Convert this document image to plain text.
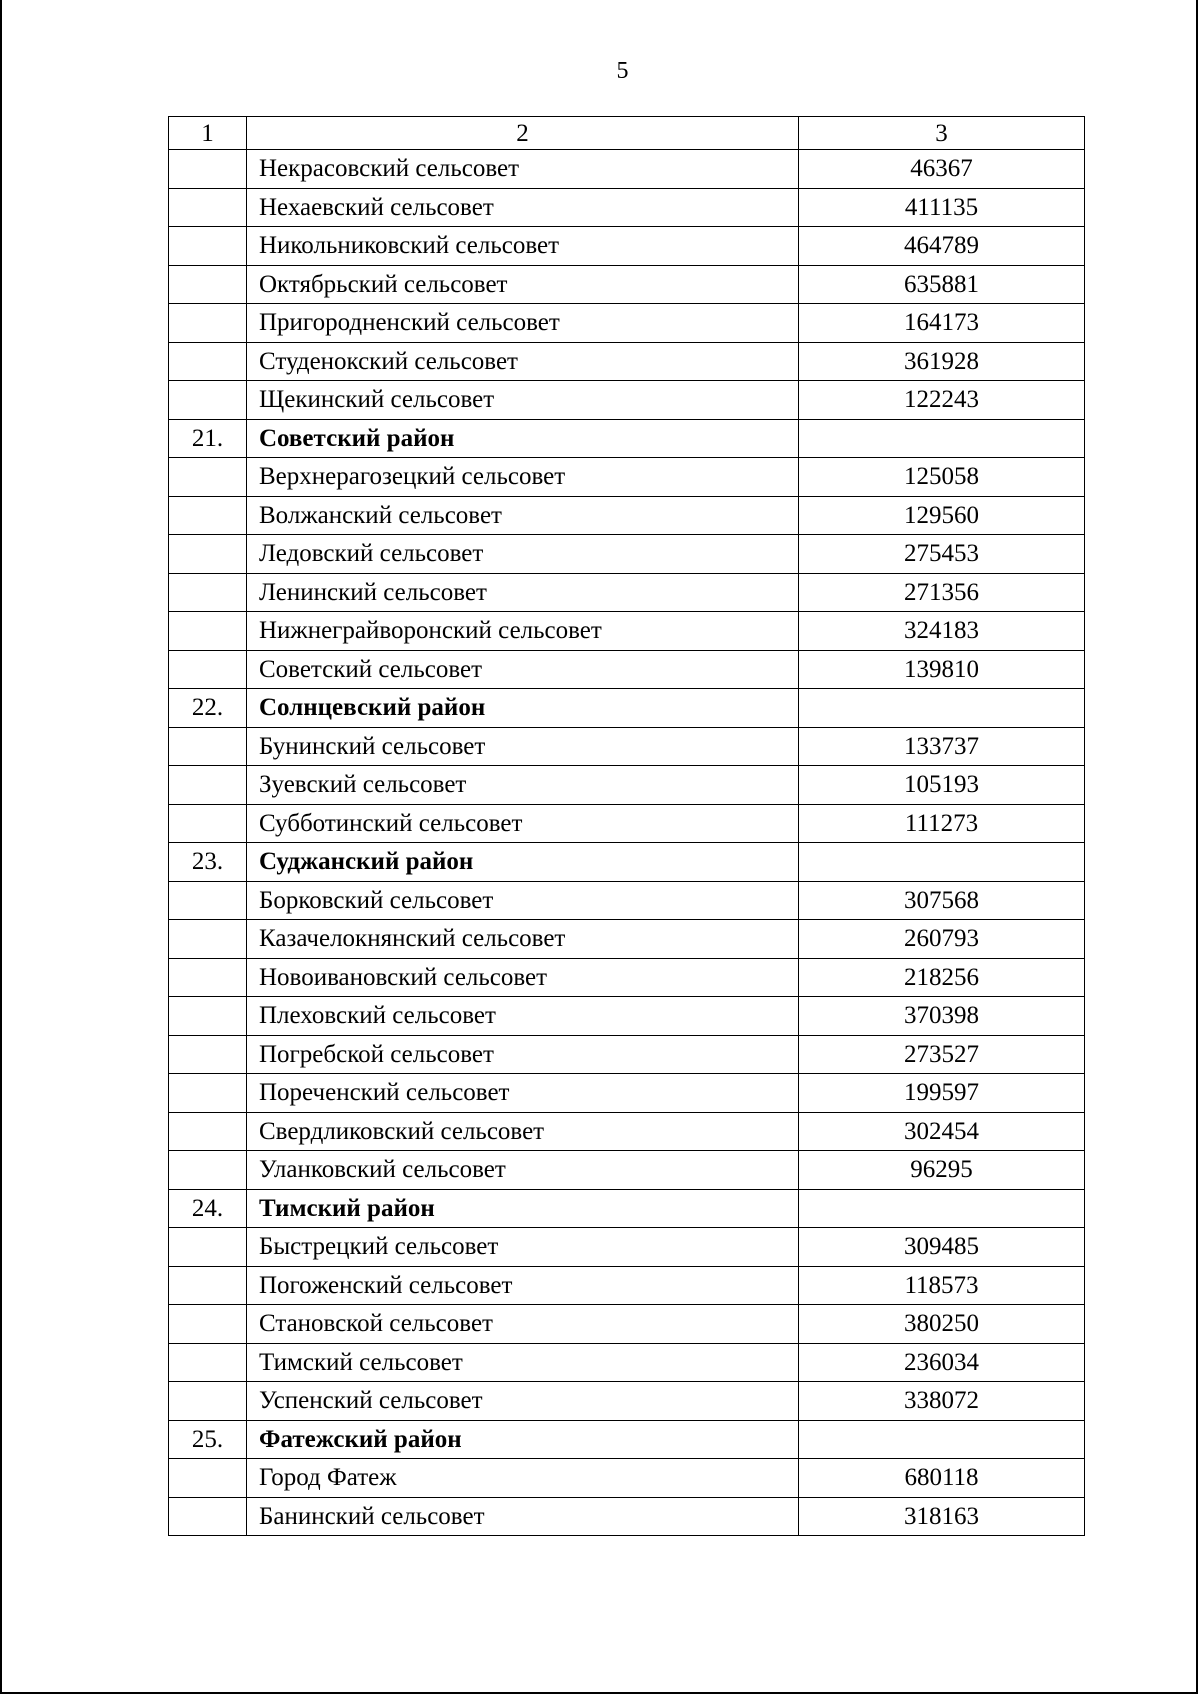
5
1	2	3
	Некрасовский сельсовет	46367
	Нехаевский сельсовет	411135
	Никольниковский сельсовет	464789
	Октябрьский сельсовет	635881
	Пригородненский сельсовет	164173
	Студенокский сельсовет	361928
	Щекинский сельсовет	122243
21.	Советский район	
	Верхнерагозецкий сельсовет	125058
	Волжанский сельсовет	129560
	Ледовский сельсовет	275453
	Ленинский сельсовет	271356
	Нижнеграйворонский сельсовет	324183
	Советский сельсовет	139810
22.	Солнцевский район	
	Бунинский сельсовет	133737
	Зуевский сельсовет	105193
	Субботинский сельсовет	111273
23.	Суджанский район	
	Борковский сельсовет	307568
	Казачелокнянский сельсовет	260793
	Новоивановский сельсовет	218256
	Плеховский сельсовет	370398
	Погребской сельсовет	273527
	Пореченский сельсовет	199597
	Свердликовский сельсовет	302454
	Уланковский сельсовет	96295
24.	Тимский район	
	Быстрецкий сельсовет	309485
	Погоженский сельсовет	118573
	Становской сельсовет	380250
	Тимский сельсовет	236034
	Успенский сельсовет	338072
25.	Фатежский район	
	Город Фатеж	680118
	Банинский сельсовет	318163
